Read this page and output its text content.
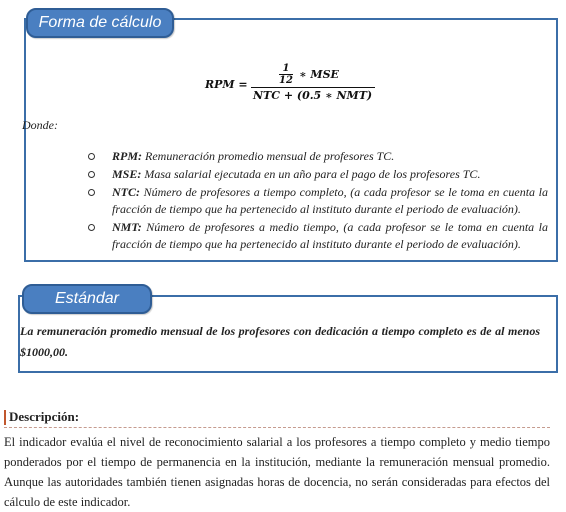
Forma de cálculo
RPM =
1
12 ∗ MSE
NTC + (0.5 ∗ NMT)
Donde:
RPM: Remuneración promedio mensual de profesores TC.
MSE: Masa salarial ejecutada en un año para el pago de los profesores TC.
NTC: Número de profesores a tiempo completo, (a cada profesor se le toma en cuenta la fracción de tiempo que ha pertenecido al instituto durante el periodo de evaluación).
NMT: Número de profesores a medio tiempo, (a cada profesor se le toma en cuenta la fracción de tiempo que ha pertenecido al instituto durante el periodo de evaluación).
Estándar
La remuneración promedio mensual de los profesores con dedicación a tiempo completo es de al menos $1000,00.
Descripción:
El indicador evalúa el nivel de reconocimiento salarial a los profesores a tiempo completo y medio tiempo ponderados por el tiempo de permanencia en la institución, mediante la remuneración mensual promedio. Aunque las autoridades también tienen asignadas horas de docencia, no serán consideradas para efectos del cálculo de este indicador.
